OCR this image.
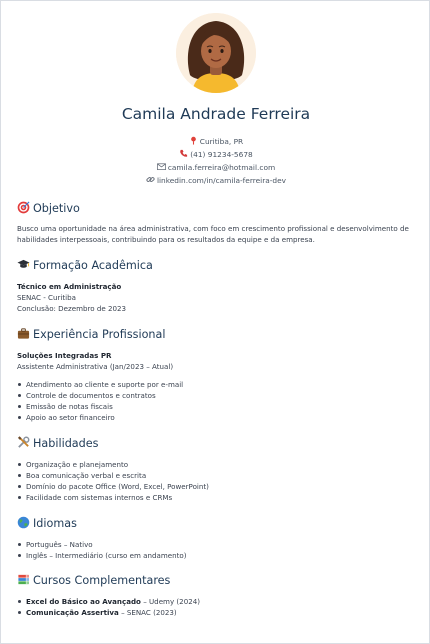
Camila Andrade Ferreira
Curitiba, PR
(41) 91234-5678
camila.ferreira@hotmail.com
linkedin.com/in/camila-ferreira-dev
Objetivo
Busco uma oportunidade na área administrativa, com foco em crescimento profissional e desenvolvimento de habilidades interpessoais, contribuindo para os resultados da equipe e da empresa.
Formação Acadêmica
Técnico em Administração
SENAC - Curitiba
Conclusão: Dezembro de 2023
Experiência Profissional
Soluções Integradas PR
Assistente Administrativa (Jan/2023 – Atual)
Atendimento ao cliente e suporte por e-mail
Controle de documentos e contratos
Emissão de notas fiscais
Apoio ao setor financeiro
Habilidades
Organização e planejamento
Boa comunicação verbal e escrita
Domínio do pacote Office (Word, Excel, PowerPoint)
Facilidade com sistemas internos e CRMs
Idiomas
Português – Nativo
Inglês – Intermediário (curso em andamento)
Cursos Complementares
Excel do Básico ao Avançado – Udemy (2024)
Comunicação Assertiva – SENAC (2023)
